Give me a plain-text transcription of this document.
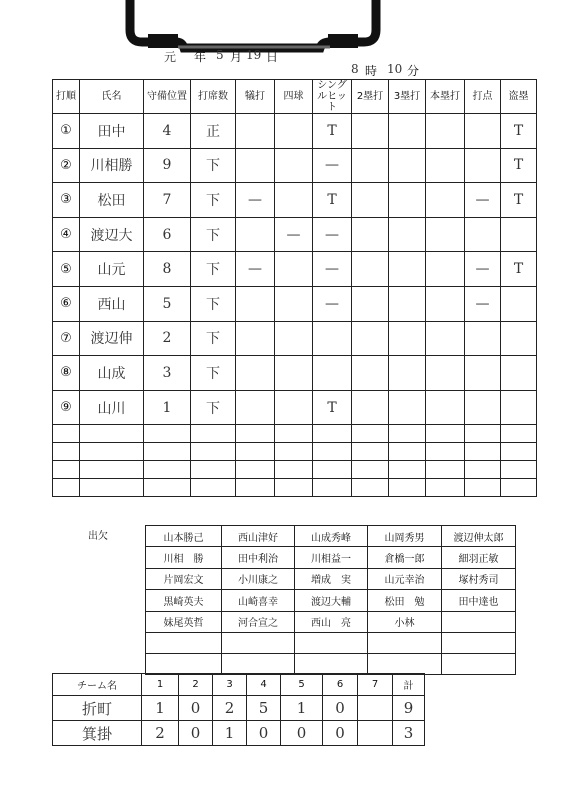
元 年 5 月 19 日
8 時 10 分
打順	氏名	守備位置	打席数	犠打	四球	シング
ルヒット	2塁打	3塁打	本塁打	打点	盗塁
①	田中	4	正			T					T
②	川相勝	9	下			—					T
③	松田	7	下	—		T				—	T
④	渡辺大	6	下		—	—					
⑤	山元	8	下	—		—				—	T
⑥	西山	5	下			—				—	
⑦	渡辺伸	2	下								
⑧	山成	3	下								
⑨	山川	1	下			T					

出欠	山本勝己	西山津好	山成秀峰	山岡秀男	渡辺伸太郎
川相　勝	田中利治	川相益一	倉橋一郎	細羽正敏
片岡宏文	小川康之	増成　実	山元幸治	塚村秀司
黒崎英夫	山崎喜幸	渡辺大輔	松田　勉	田中達也
妹尾英哲	河合宣之	西山　亮	小林	

チーム名	1	2	3	4	5	6	7	計
折町	1	0	2	5	1	0		9
箕掛	2	0	1	0	0	0		3
